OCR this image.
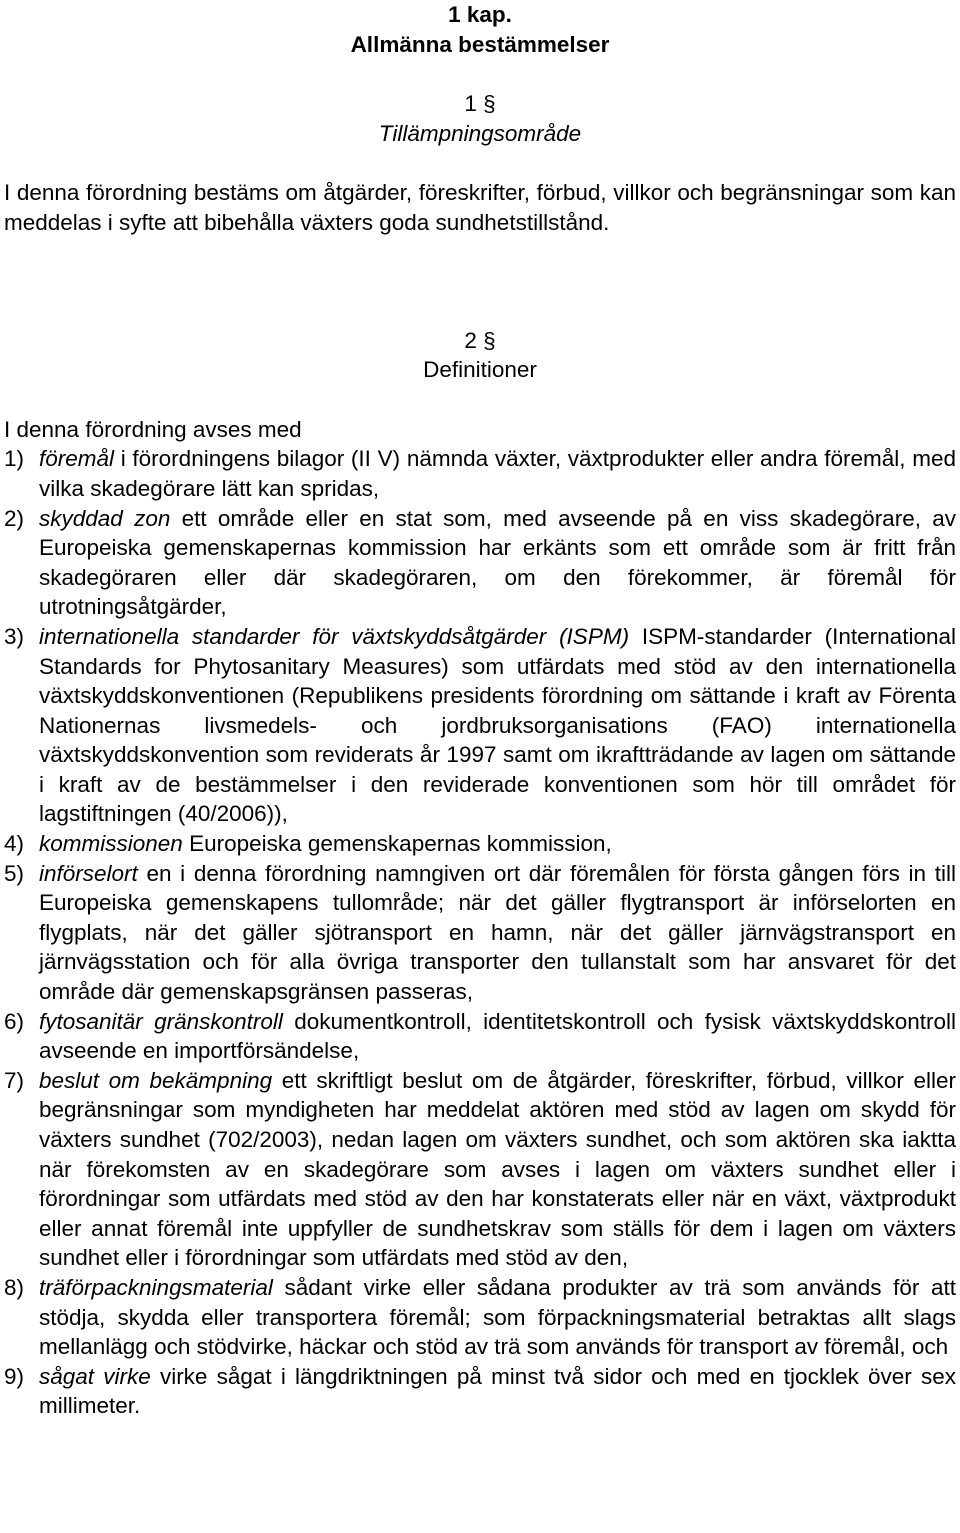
1 kap.

Allmänna bestämmelser

1 §

Tillämpningsområde

I denna förordning bestäms om åtgärder, föreskrifter, förbud, villkor och begränsningar som kan meddelas i syfte att bibehålla växters goda sundhetstillstånd.

2 §

Definitioner

I denna förordning avses med

1) föremål i förordningens bilagor (II V) nämnda växter, växtprodukter eller andra föremål, med vilka skadegörare lätt kan spridas,
2) skyddad zon ett område eller en stat som, med avseende på en viss skadegörare, av Europeiska gemenskapernas kommission har erkänts som ett område som är fritt från skadegöraren eller där skadegöraren, om den förekommer, är föremål för utrotningsåtgärder,
3) internationella standarder för växtskyddsåtgärder (ISPM) ISPM-standarder (International Standards for Phytosanitary Measures) som utfärdats med stöd av den internationella växtskyddskonventionen (Republikens presidents förordning om sättande i kraft av Förenta Nationernas livsmedels- och jordbruksorganisations (FAO) internationella växtskyddskonvention som reviderats år 1997 samt om ikraftträdande av lagen om sättande i kraft av de bestämmelser i den reviderade konventionen som hör till området för lagstiftningen (40/2006)),
4) kommissionen Europeiska gemenskapernas kommission,
5) införselort en i denna förordning namngiven ort där föremålen för första gången förs in till Europeiska gemenskapens tullområde; när det gäller flygtransport är införselorten en flygplats, när det gäller sjötransport en hamn, när det gäller järnvägstransport en järnvägsstation och för alla övriga transporter den tullanstalt som har ansvaret för det område där gemenskapsgränsen passeras,
6) fytosanitär gränskontroll dokumentkontroll, identitetskontroll och fysisk växtskyddskontroll avseende en importförsändelse,
7) beslut om bekämpning ett skriftligt beslut om de åtgärder, föreskrifter, förbud, villkor eller begränsningar som myndigheten har meddelat aktören med stöd av lagen om skydd för växters sundhet (702/2003), nedan lagen om växters sundhet, och som aktören ska iaktta när förekomsten av en skadegörare som avses i lagen om växters sundhet eller i förordningar som utfärdats med stöd av den har konstaterats eller när en växt, växtprodukt eller annat föremål inte uppfyller de sundhetskrav som ställs för dem i lagen om växters sundhet eller i förordningar som utfärdats med stöd av den,
8) träförpackningsmaterial sådant virke eller sådana produkter av trä som används för att stödja, skydda eller transportera föremål; som förpackningsmaterial betraktas allt slags mellanlägg och stödvirke, häckar och stöd av trä som används för transport av föremål, och
9) sågat virke virke sågat i längdriktningen på minst två sidor och med en tjocklek över sex millimeter.
